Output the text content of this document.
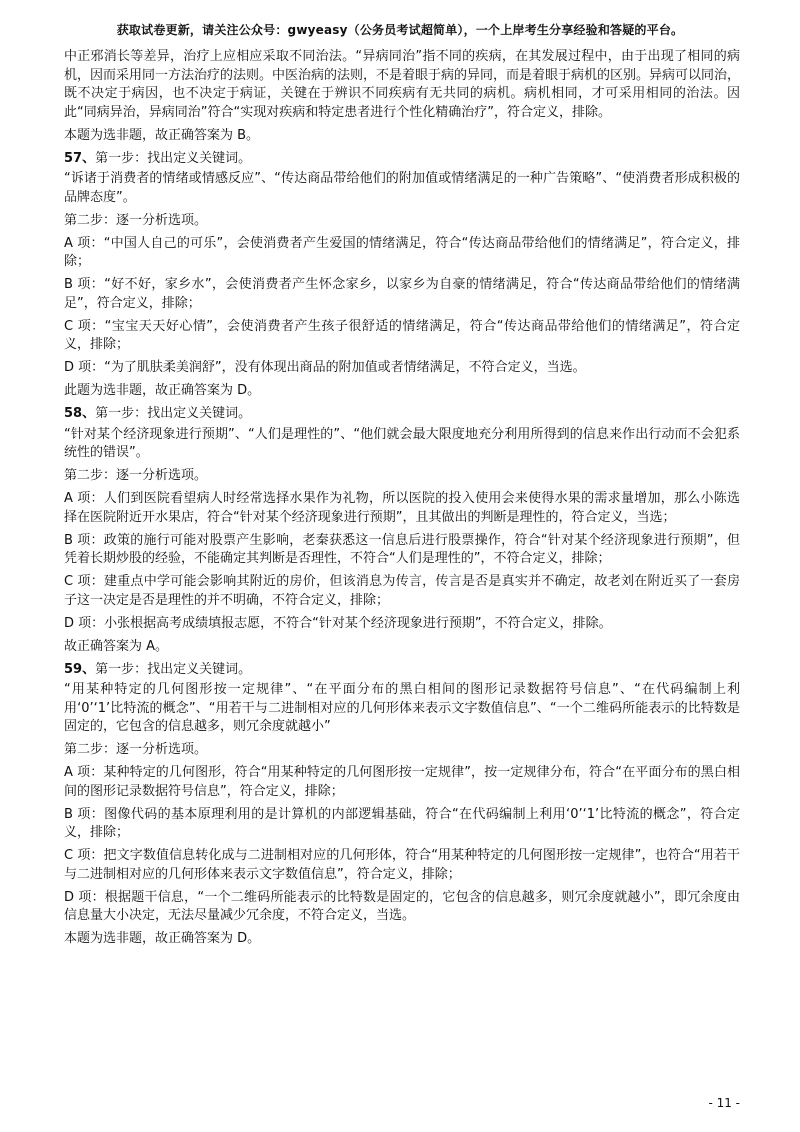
获取试卷更新，请关注公众号：gwyeasy（公务员考试超简单），一个上岸考生分享经验和答疑的平台。

中正邪消长等差异，治疗上应相应采取不同治法。“异病同治”指不同的疾病，在其发展过程中，由于出现了相同的病机，因而采用同一方法治疗的法则。中医治病的法则，不是着眼于病的异同，而是着眼于病机的区别。异病可以同治，既不决定于病因，也不决定于病证，关键在于辨识不同疾病有无共同的病机。病机相同，才可采用相同的治法。因此“同病异治，异病同治”符合“实现对疾病和特定患者进行个性化精确治疗”，符合定义，排除。

本题为选非题，故正确答案为 B。

57、第一步：找出定义关键词。

“诉诸于消费者的情绪或情感反应”、“传达商品带给他们的附加值或情绪满足的一种广告策略”、“使消费者形成积极的品牌态度”。

第二步：逐一分析选项。

A 项：“中国人自己的可乐”，会使消费者产生爱国的情绪满足，符合“传达商品带给他们的情绪满足”，符合定义，排除；

B 项：“好不好，家乡水”，会使消费者产生怀念家乡，以家乡为自豪的情绪满足，符合“传达商品带给他们的情绪满足”，符合定义，排除；

C 项：“宝宝天天好心情”，会使消费者产生孩子很舒适的情绪满足，符合“传达商品带给他们的情绪满足”，符合定义，排除；

D 项：“为了肌肤柔美润舒”，没有体现出商品的附加值或者情绪满足，不符合定义，当选。

此题为选非题，故正确答案为 D。

58、第一步：找出定义关键词。

“针对某个经济现象进行预期”、“人们是理性的”、“他们就会最大限度地充分利用所得到的信息来作出行动而不会犯系统性的错误”。

第二步：逐一分析选项。

A 项：人们到医院看望病人时经常选择水果作为礼物，所以医院的投入使用会来使得水果的需求量增加，那么小陈选择在医院附近开水果店，符合“针对某个经济现象进行预期”，且其做出的判断是理性的，符合定义，当选；

B 项：政策的施行可能对股票产生影响，老秦获悉这一信息后进行股票操作，符合“针对某个经济现象进行预期”，但凭着长期炒股的经验，不能确定其判断是否理性，不符合“人们是理性的”，不符合定义，排除；

C 项：建重点中学可能会影响其附近的房价，但该消息为传言，传言是否是真实并不确定，故老刘在附近买了一套房子这一决定是否是理性的并不明确，不符合定义，排除；

D 项：小张根据高考成绩填报志愿，不符合“针对某个经济现象进行预期”，不符合定义，排除。

故正确答案为 A。

59、第一步：找出定义关键词。

“用某种特定的几何图形按一定规律”、“在平面分布的黑白相间的图形记录数据符号信息”、“在代码编制上利用‘0’‘1’比特流的概念”、“用若干与二进制相对应的几何形体来表示文字数值信息”、“一个二维码所能表示的比特数是固定的，它包含的信息越多，则冗余度就越小”

第二步：逐一分析选项。

A 项：某种特定的几何图形，符合“用某种特定的几何图形按一定规律”，按一定规律分布，符合“在平面分布的黑白相间的图形记录数据符号信息”，符合定义，排除；

B 项：图像代码的基本原理利用的是计算机的内部逻辑基础，符合“在代码编制上利用‘0’‘1’比特流的概念”，符合定义，排除；

C 项：把文字数值信息转化成与二进制相对应的几何形体，符合“用某种特定的几何图形按一定规律”，也符合“用若干与二进制相对应的几何形体来表示文字数值信息”，符合定义，排除；

D 项：根据题干信息，“一个二维码所能表示的比特数是固定的，它包含的信息越多，则冗余度就越小”，即冗余度由信息量大小决定，无法尽量减少冗余度，不符合定义，当选。

本题为选非题，故正确答案为 D。

- 11 -
